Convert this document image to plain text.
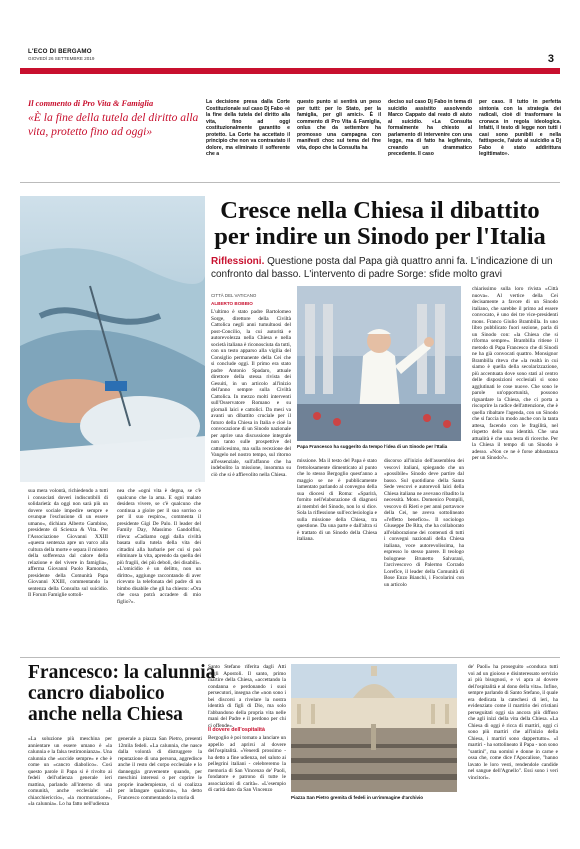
L'ECO DI BERGAMO
GIOVEDÌ 26 SETTEMBRE 2019	3
Il commento di Pro Vita & Famiglia
«È la fine della tutela del diritto alla vita, protetto fino ad oggi»
La decisione presa dalla Corte Costituzionale sul caso Dj Fabo «è la fine della tutela del diritto alla vita, fino ad oggi costituzionalmente garantito e protetto. La Corte ha accettato il principio che non va contrastato il dolore, ma eliminato il sofferente che a
questo punto si sentirà un peso per tutti: per lo Stato, per la famiglia, per gli amici». È il commento di Pro Vita & Famiglia, onlus che da settembre ha promosso una campagna con manifesti choc sul tema del fine vita, dopo che la Consulta ha
deciso sul caso Dj Fabo in tema di suicidio assistito assolvendo Marco Cappato dal reato di aiuto al suicidio. «La Consulta formalmente ha chiesto al parlamento di intervenire con una legge, ma di fatto ha legiferato, creando un drammatico precedente. Il caso
per caso. Il tutto in perfetta sintonia con la strategia dei radicali, cioè di trasformare la cronaca in regola ideologica. Infatti, il testo di legge non tutti i casi sono punibili e nella fattispecie, l'aiuto al suicidio a Dj Fabo è stato addirittura legittimato».
Cresce nella Chiesa il dibattito per indire un Sinodo per l'Italia
Riflessioni. Questione posta dal Papa già quattro anni fa. L'indicazione di un confronto dal basso. L'intervento di padre Sorge: sfide molto gravi
CITTÀ DEL VATICANO
ALBERTO BOBBIO
L'ultimo è stato padre Bartolomeo Sorge, direttore della Civiltà Cattolica negli anni tumultuosi del post-Concilio, la cui autorità e autorevolezza nella Chiesa e nella società italiana è riconosciuta da tutti, con un testo apparso alla vigilia del Consiglio permanente della Cei che si conclude oggi. Il primo era stato padre Antonio Spadaro, attuale direttore della stessa rivista dei Gesuiti, in un articolo all'inizio dell'anno sempre sulla Civiltà Cattolica. In mezzo molti interventi sull'Osservatore Romano e su giornali laici e cattolici. Da mesi va avanti un dibattito cruciale per il futuro della Chiesa in Italia e cioè la convocazione di un Sinodo nazionale per aprire una discussione integrale non tanto sulle prospettive del cattolicesimo, ma sulla recezione del Vangelo nel nostro tempo, sul ritorno all'essenziale, sull'affanno che ha indebolito la missione, insomma su ciò che si è affievolito nella Chiesa.
Papa Francesco ha suggerito da tempo l'idea di un Sinodo per l'Italia
missione. Ma il testo del Papa è stato frettolosamente dimenticato al punto che lo stesso Bergoglio quest'anno a maggio se ne è pubblicamente lamentato parlando al convegno della sua diocesi di Roma: «Sparirà, fornito nell'elaborazione di diagnosi ai membri del Sinodo, non lo si dice. Sola la riflessione sull'ecclesiologia e sulla missione della Chiesa, tra questione. Da una parte e dall'altra si è trattato di un Sinodo della Chiesa italiana.
discorso all'inizio dell'assemblea dei vescovi italiani, spiegando che un «possibile» Sinodo deve partire dal basso. Sul quotidiano della Santa Sede vescovi e autorevoli laici della Chiesa italiana ne avevano ribadito la necessità. Mons. Domenico Pompili, vescovo di Rieti e per anni portavoce della Cei, ne aveva sottolineato «l'effetto benefico». Il sociologo Giuseppe De Rita, che ha collaborato all'elaborazione dei contenuti di tutti i convegni nazionali della Chiesa italiana, voce autorevolissima, ha espresso lo stesso parere. Il teologo bolognese Brunetto Salvarani, l'arcivescovo di Palermo Corrado Lorefice, il leader della Comunità di Bose Enzo Bianchi, i Focolarini con un articolo
chiarissimo sulla loro rivista «Città nuova». Al vertice della Cei decisamente a favore di un Sinodo italiano, che sarebbe il primo ad essere convocato, è uno dei tre vice-presidenti mons. Franco Giulio Brambilla. In uno libro pubblicato fuori sezione, parla di un Sinodo con: «la Chiesa che si riforma sempre». Brambilla ritiene il metodo di Papa Francesco che di Sinodi ne ha già convocati quattro. Monsignor Brambilla riteva che «la realtà in cui siamo è quella della secolarizzazione, più accentuata dove sono stati al centro delle disposizioni ecclesiali si sono agglutinati le cose nuove. Che sono le parole un'opportunità, possono riguardare la Chiesa, che ci porta a riscoprire la radice dell'attenzione, che è quella ribaltare l'agenda, con un Sinodo che si faccia in modo anche con la tanta attesa, facendo con le fragilità, nel rispetto della sua identità. Che una attualità è che una testa di ricerche. Per la Chiesa il tempo di un Sinodo è adesso. «Non ce ne è forse abbastanza per un Sinodo?».
sua mera volontà, richiedendo a tutti i consociati doveri indiscutibili di solidarietà: da oggi non sarà più un dovere sociale impedire sempre e ovunque l'esclusione di un essere umano», dichiara Alberto Gambino, presidente di Scienza & Vita. Per l'Associazione Giovanni XXIII «questa sentenza apre un varco alla cultura della morte e separa il mistero della sofferenza dal calore della relazione e del vivere in famiglia», afferma Giovanni Paolo Ramonda, presidente della Comunità Papa Giovanni XXIII, commentando la sentenza della Consulta sul suicidio. Il Forum Famiglie sottoli-
nea che «ogni vita è degna, se c'è qualcuno che la ama. E ogni malato desidera vivere, se c'è qualcuno che continua a gioire per il suo sorriso o per il suo respiro», commenta il presidente Gigi De Palo. Il leader del Family Day, Massimo Gandolfini, rileva: «Cadiamo oggi dalla civiltà basata sulla tutela della vita dei cittadini alla barbarie per cui si può eliminare la vita, aprendo da quella dei più fragili, dei più deboli, dei disabili». «L'omicidio è un delitto, non un diritto», aggiunge raccontando di aver ricevuto la telefonata del padre di un bimbo disabile che gli ha chiesto: «Ora che cosa potrà accadere di mio figlio?».
Francesco: la calunnia cancro diabolico anche nella Chiesa
«La soluzione più meschina per annientare un essere umano è «la calunnia e la falsa testimonianza». Una calunnia che «uccide sempre» e che è come un «cancro diabolico». Così questo parole il Papa si è rivolto ai fedeli dell'udienza generale ieri mattina, parlando all'interno di una comunità, anche ecclesiale: «Il chiacchiericcio», «la mormorazione», «la calunnia». Lo ha fatto nell'udienza
generale a piazza San Pietro, presenti 12mila fedeli. «La calunnia, che nasce dalla volontà di distruggere la reputazione di una persona, aggredisce anche il resto del corpo ecclesiale e lo danneggia gravemente quando, per meschini interessi o per coprire le proprie inadempienze, ci si coalizza per infangare qualcuno», ha detto Francesco commentando la storia di
Santo Stefano riferita dagli Atti degli Apostoli. Il santo, primo martire della Chiesa, «accettando la condanna e perdonando i suoi persecutori, insegna che «non sono i bei discorsi a rivelare la nostra identità di figli di Dio, ma solo l'abbandono della propria vita nelle mani del Padre e il perdono per chi ci offende».
Il dovere dell'ospitalità
Bergoglio è poi tornato a lanciare un appello ad aprirsi al dovere dell'ospitalità. «Venerdì prossimo - ha detto a fine udienza, nel saluto ai pellegrini italiani - celebreremo la memoria di San Vincenzo de' Paoli, fondatore e patrono di tutte le associazioni di carità». «L'esempio di carità dato da San Vincenzo
Piazza San Pietro gremita di fedeli in un'immagine d'archivio
de' Paoli» ha proseguito «conduca tutti voi ad un gioioso e disinteressato servizio ai più bisognosi, e vi apra al dovere dell'ospitalità e al dono della vita». Infine, sempre parlando di Santo Stefano, il quale era dedicata la catechesi di ieri, ha evidenziato come il martirio dei cristiani perseguitati oggi sia ancora più diffuso che agli inizi della vita della Chiesa. «La Chiesa di oggi è ricca di martiri, oggi ci sono più martiri che all'inizio della Chiesa, i martiri sono dappertutto». «I martiri - ha sottolineato il Papa - non sono "santini", ma uomini e donne in carne e ossa che, come dice l'Apocalisse, "hanno lavato le loro vesti, rendendole candide nel sangue dell'Agnello". Essi sono i veri vincitori».
